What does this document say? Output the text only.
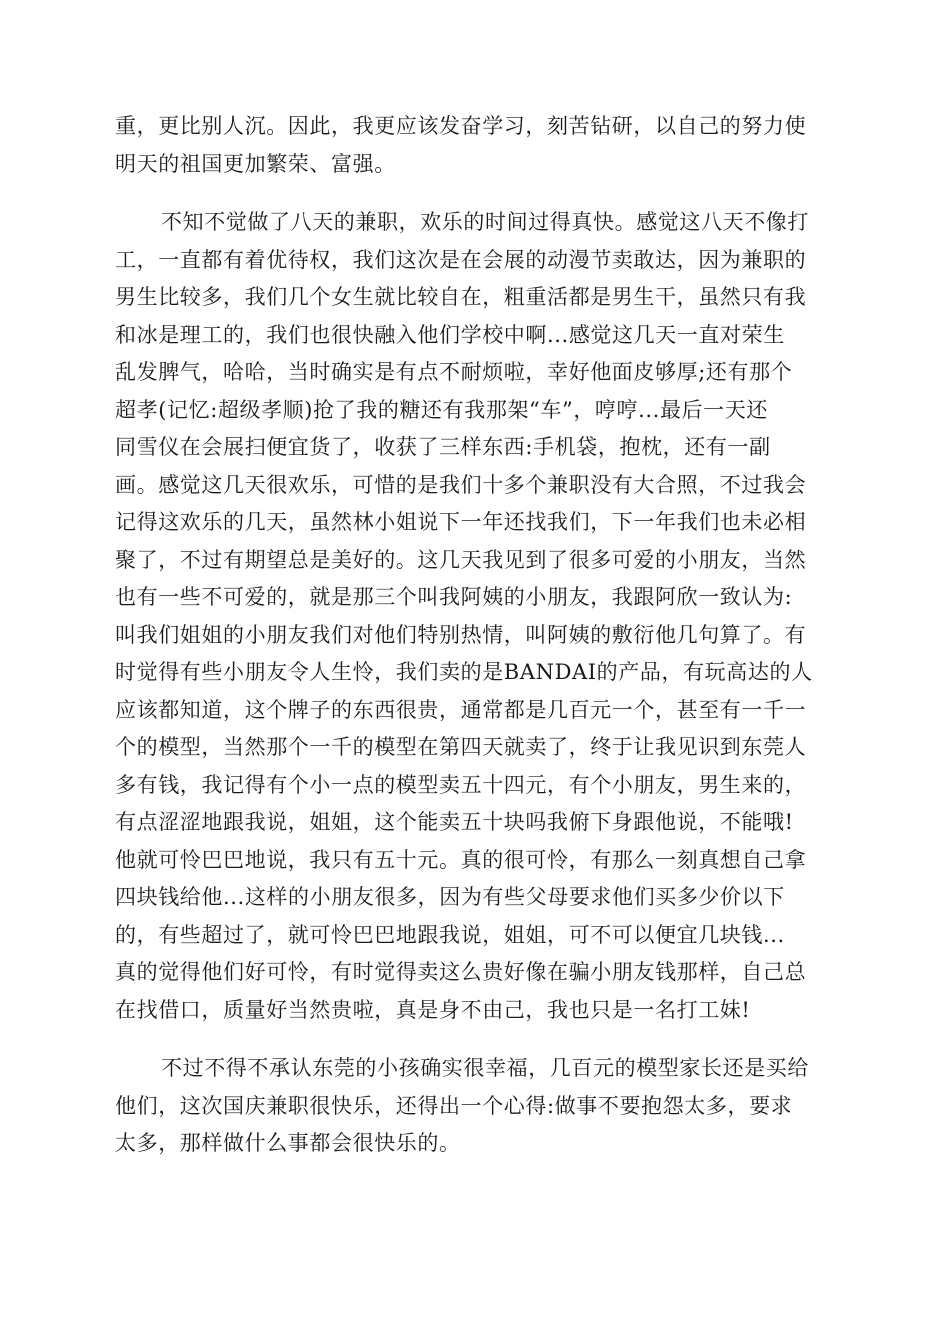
重，更比别人沉。因此，我更应该发奋学习，刻苦钻研，以自己的努力使
明天的祖国更加繁荣、富强。
不知不觉做了八天的兼职，欢乐的时间过得真快。感觉这八天不像打
工，一直都有着优待权，我们这次是在会展的动漫节卖敢达，因为兼职的
男生比较多，我们几个女生就比较自在，粗重活都是男生干，虽然只有我
和冰是理工的，我们也很快融入他们学校中啊...感觉这几天一直对荣生
乱发脾气，哈哈，当时确实是有点不耐烦啦，幸好他面皮够厚;还有那个
超孝(记忆:超级孝顺)抢了我的糖还有我那架“车”，哼哼...最后一天还
同雪仪在会展扫便宜货了，收获了三样东西:手机袋，抱枕，还有一副
画。感觉这几天很欢乐，可惜的是我们十多个兼职没有大合照，不过我会
记得这欢乐的几天，虽然林小姐说下一年还找我们，下一年我们也未必相
聚了，不过有期望总是美好的。这几天我见到了很多可爱的小朋友，当然
也有一些不可爱的，就是那三个叫我阿姨的小朋友，我跟阿欣一致认为:
叫我们姐姐的小朋友我们对他们特别热情，叫阿姨的敷衍他几句算了。有
时觉得有些小朋友令人生怜，我们卖的是BANDAI的产品，有玩高达的人
应该都知道，这个牌子的东西很贵，通常都是几百元一个，甚至有一千一
个的模型，当然那个一千的模型在第四天就卖了，终于让我见识到东莞人
多有钱，我记得有个小一点的模型卖五十四元，有个小朋友，男生来的，
有点涩涩地跟我说，姐姐，这个能卖五十块吗我俯下身跟他说，不能哦!
他就可怜巴巴地说，我只有五十元。真的很可怜，有那么一刻真想自己拿
四块钱给他...这样的小朋友很多，因为有些父母要求他们买多少价以下
的，有些超过了，就可怜巴巴地跟我说，姐姐，可不可以便宜几块钱...
真的觉得他们好可怜，有时觉得卖这么贵好像在骗小朋友钱那样，自己总
在找借口，质量好当然贵啦，真是身不由己，我也只是一名打工妹!
不过不得不承认东莞的小孩确实很幸福，几百元的模型家长还是买给
他们，这次国庆兼职很快乐，还得出一个心得:做事不要抱怨太多，要求
太多，那样做什么事都会很快乐的。
